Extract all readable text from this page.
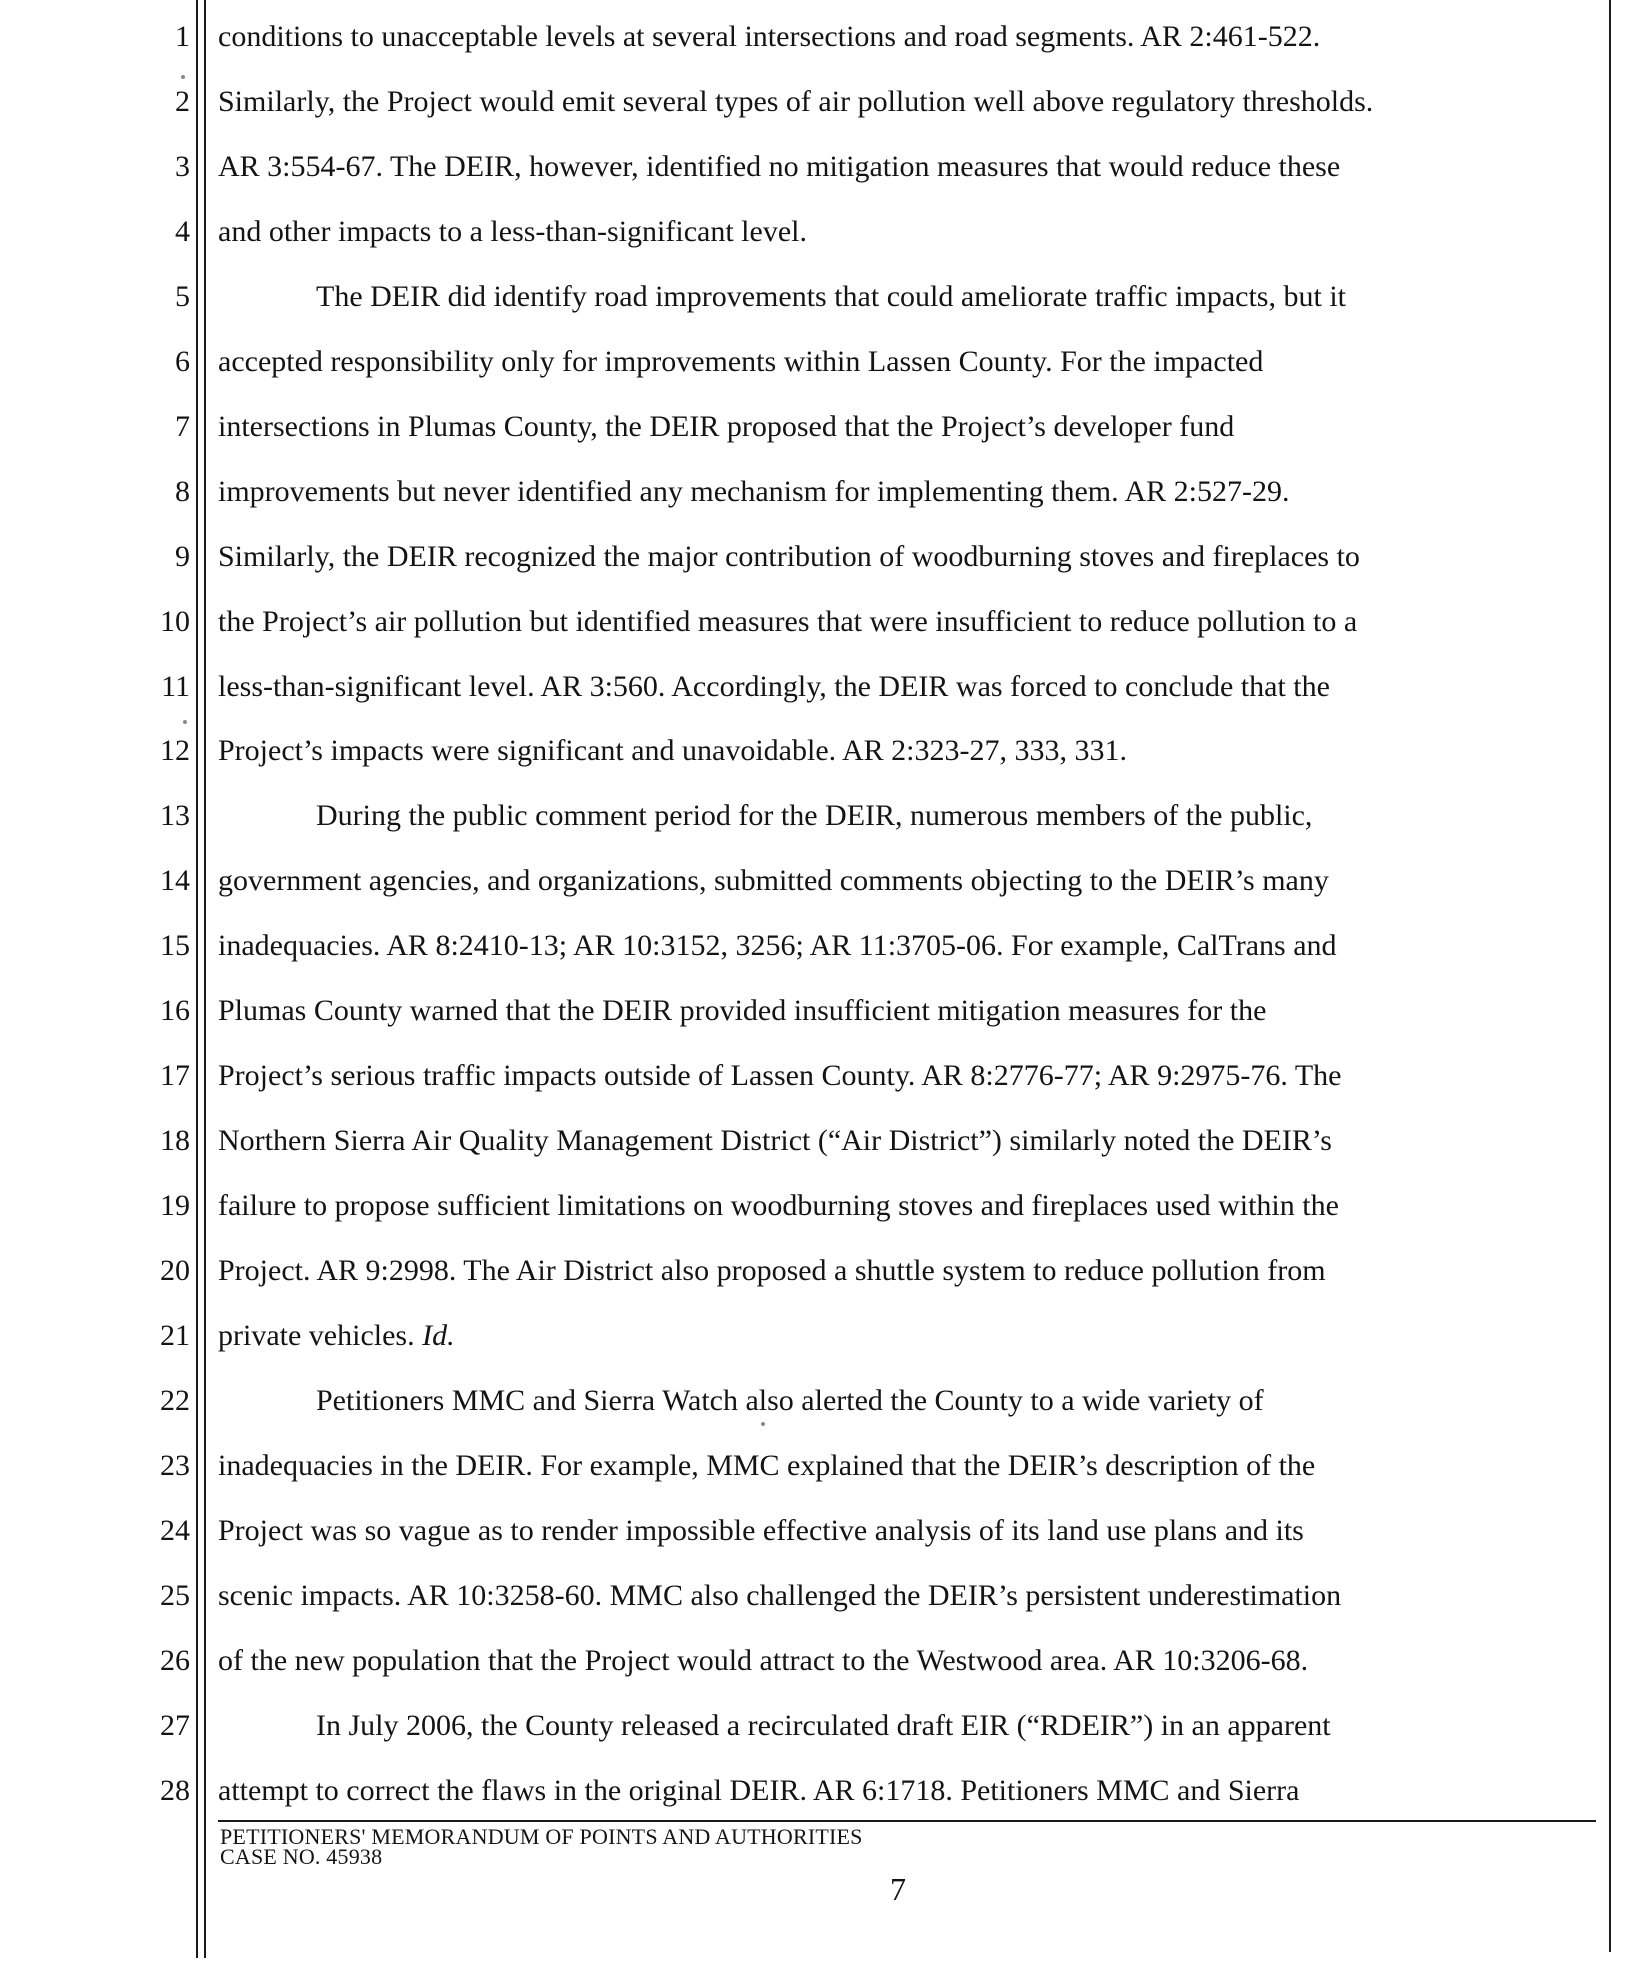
1 conditions to unacceptable levels at several intersections and road segments. AR 2:461-522.
2 Similarly, the Project would emit several types of air pollution well above regulatory thresholds.
3 AR 3:554-67. The DEIR, however, identified no mitigation measures that would reduce these
4 and other impacts to a less-than-significant level.
5	The DEIR did identify road improvements that could ameliorate traffic impacts, but it
6 accepted responsibility only for improvements within Lassen County. For the impacted
7 intersections in Plumas County, the DEIR proposed that the Project’s developer fund
8 improvements but never identified any mechanism for implementing them. AR 2:527-29.
9 Similarly, the DEIR recognized the major contribution of woodburning stoves and fireplaces to
10 the Project’s air pollution but identified measures that were insufficient to reduce pollution to a
11 less-than-significant level. AR 3:560. Accordingly, the DEIR was forced to conclude that the
12 Project’s impacts were significant and unavoidable. AR 2:323-27, 333, 331.
13	During the public comment period for the DEIR, numerous members of the public,
14 government agencies, and organizations, submitted comments objecting to the DEIR’s many
15 inadequacies. AR 8:2410-13; AR 10:3152, 3256; AR 11:3705-06. For example, CalTrans and
16 Plumas County warned that the DEIR provided insufficient mitigation measures for the
17 Project’s serious traffic impacts outside of Lassen County. AR 8:2776-77; AR 9:2975-76. The
18 Northern Sierra Air Quality Management District (“Air District”) similarly noted the DEIR’s
19 failure to propose sufficient limitations on woodburning stoves and fireplaces used within the
20 Project. AR 9:2998. The Air District also proposed a shuttle system to reduce pollution from
21 private vehicles. Id.
22	Petitioners MMC and Sierra Watch also alerted the County to a wide variety of
23 inadequacies in the DEIR. For example, MMC explained that the DEIR’s description of the
24 Project was so vague as to render impossible effective analysis of its land use plans and its
25 scenic impacts. AR 10:3258-60. MMC also challenged the DEIR’s persistent underestimation
26 of the new population that the Project would attract to the Westwood area. AR 10:3206-68.
27	In July 2006, the County released a recirculated draft EIR (“RDEIR”) in an apparent
28 attempt to correct the flaws in the original DEIR. AR 6:1718. Petitioners MMC and Sierra
PETITIONERS' MEMORANDUM OF POINTS AND AUTHORITIES
CASE NO. 45938
7
